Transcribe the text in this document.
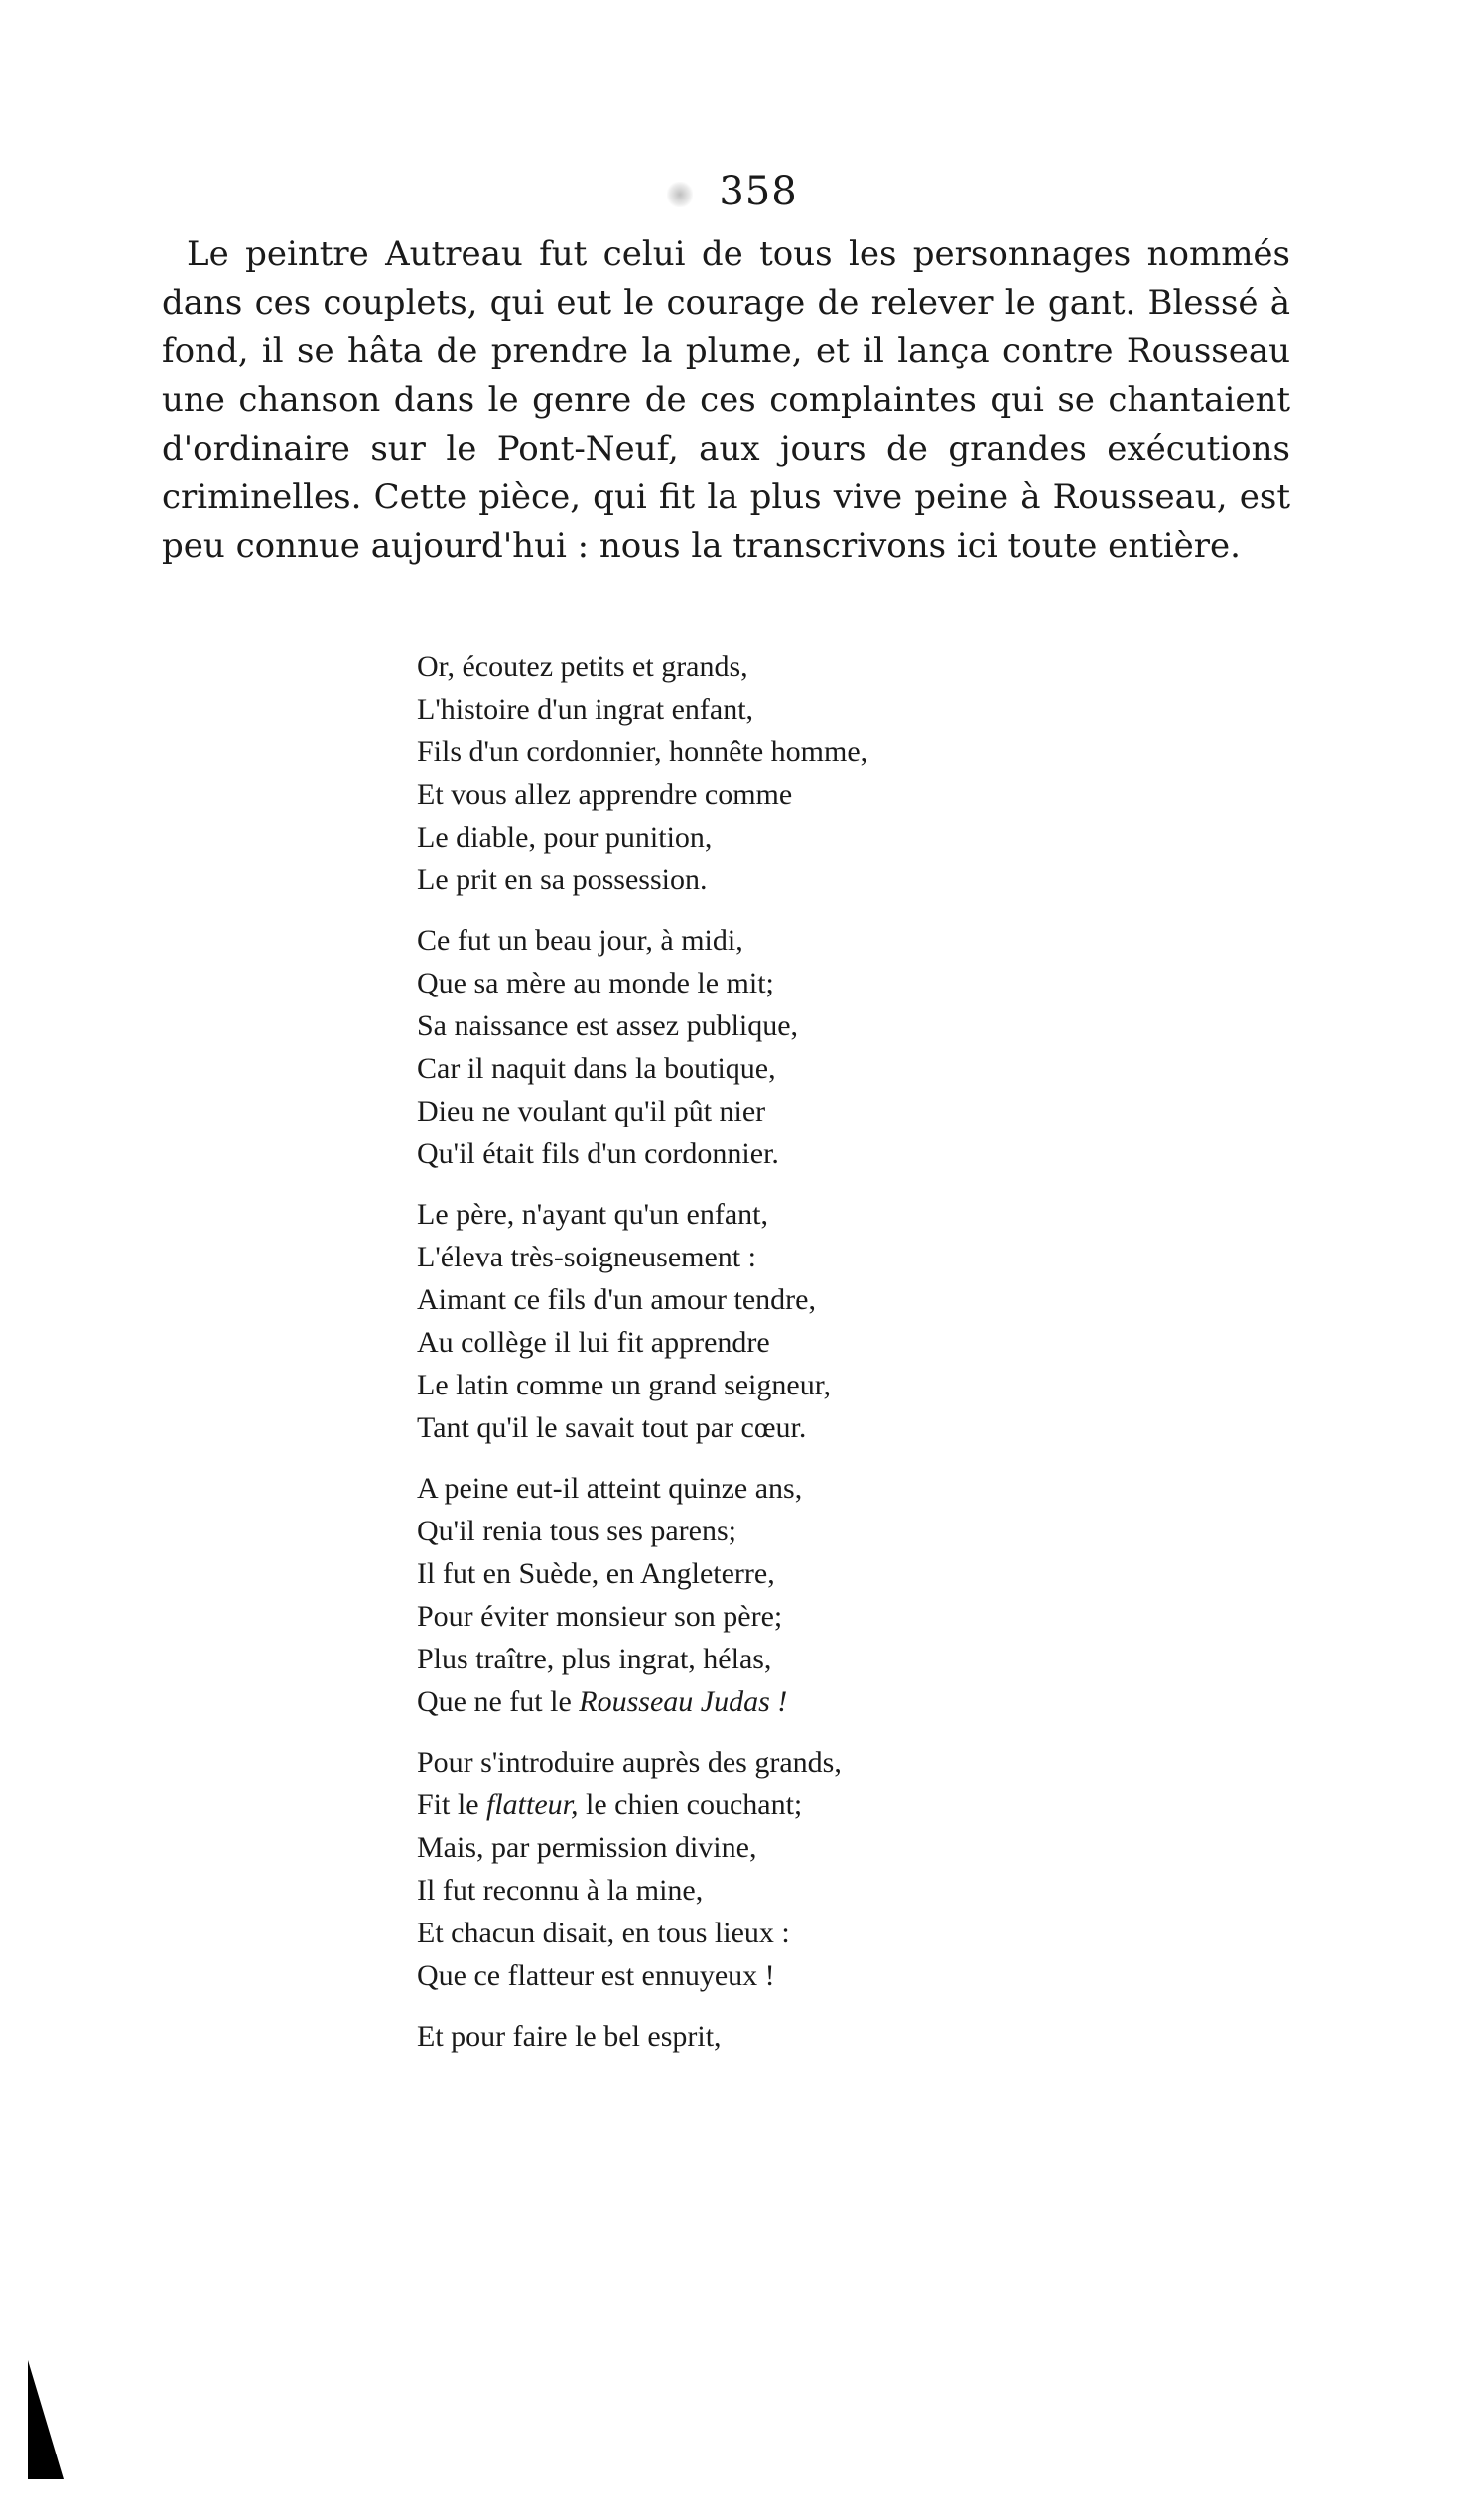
358

Le peintre Autreau fut celui de tous les personnages nommés dans ces couplets, qui eut le courage de relever le gant. Blessé à fond, il se hâta de prendre la plume, et il lança contre Rousseau une chanson dans le genre de ces complaintes qui se chantaient d'ordinaire sur le Pont-Neuf, aux jours de grandes exécutions criminelles. Cette pièce, qui fit la plus vive peine à Rousseau, est peu connue aujourd'hui : nous la transcrivons ici toute entière.

Or, écoutez petits et grands,
L'histoire d'un ingrat enfant,
Fils d'un cordonnier, honnête homme,
Et vous allez apprendre comme
Le diable, pour punition,
Le prit en sa possession.
Ce fut un beau jour, à midi,
Que sa mère au monde le mit;
Sa naissance est assez publique,
Car il naquit dans la boutique,
Dieu ne voulant qu'il pût nier
Qu'il était fils d'un cordonnier.
Le père, n'ayant qu'un enfant,
L'éleva très-soigneusement :
Aimant ce fils d'un amour tendre,
Au collège il lui fit apprendre
Le latin comme un grand seigneur,
Tant qu'il le savait tout par cœur.
A peine eut-il atteint quinze ans,
Qu'il renia tous ses parens;
Il fut en Suède, en Angleterre,
Pour éviter monsieur son père;
Plus traître, plus ingrat, hélas,
Que ne fut le Rousseau Judas !
Pour s'introduire auprès des grands,
Fit le flatteur, le chien couchant;
Mais, par permission divine,
Il fut reconnu à la mine,
Et chacun disait, en tous lieux :
Que ce flatteur est ennuyeux !
Et pour faire le bel esprit,
